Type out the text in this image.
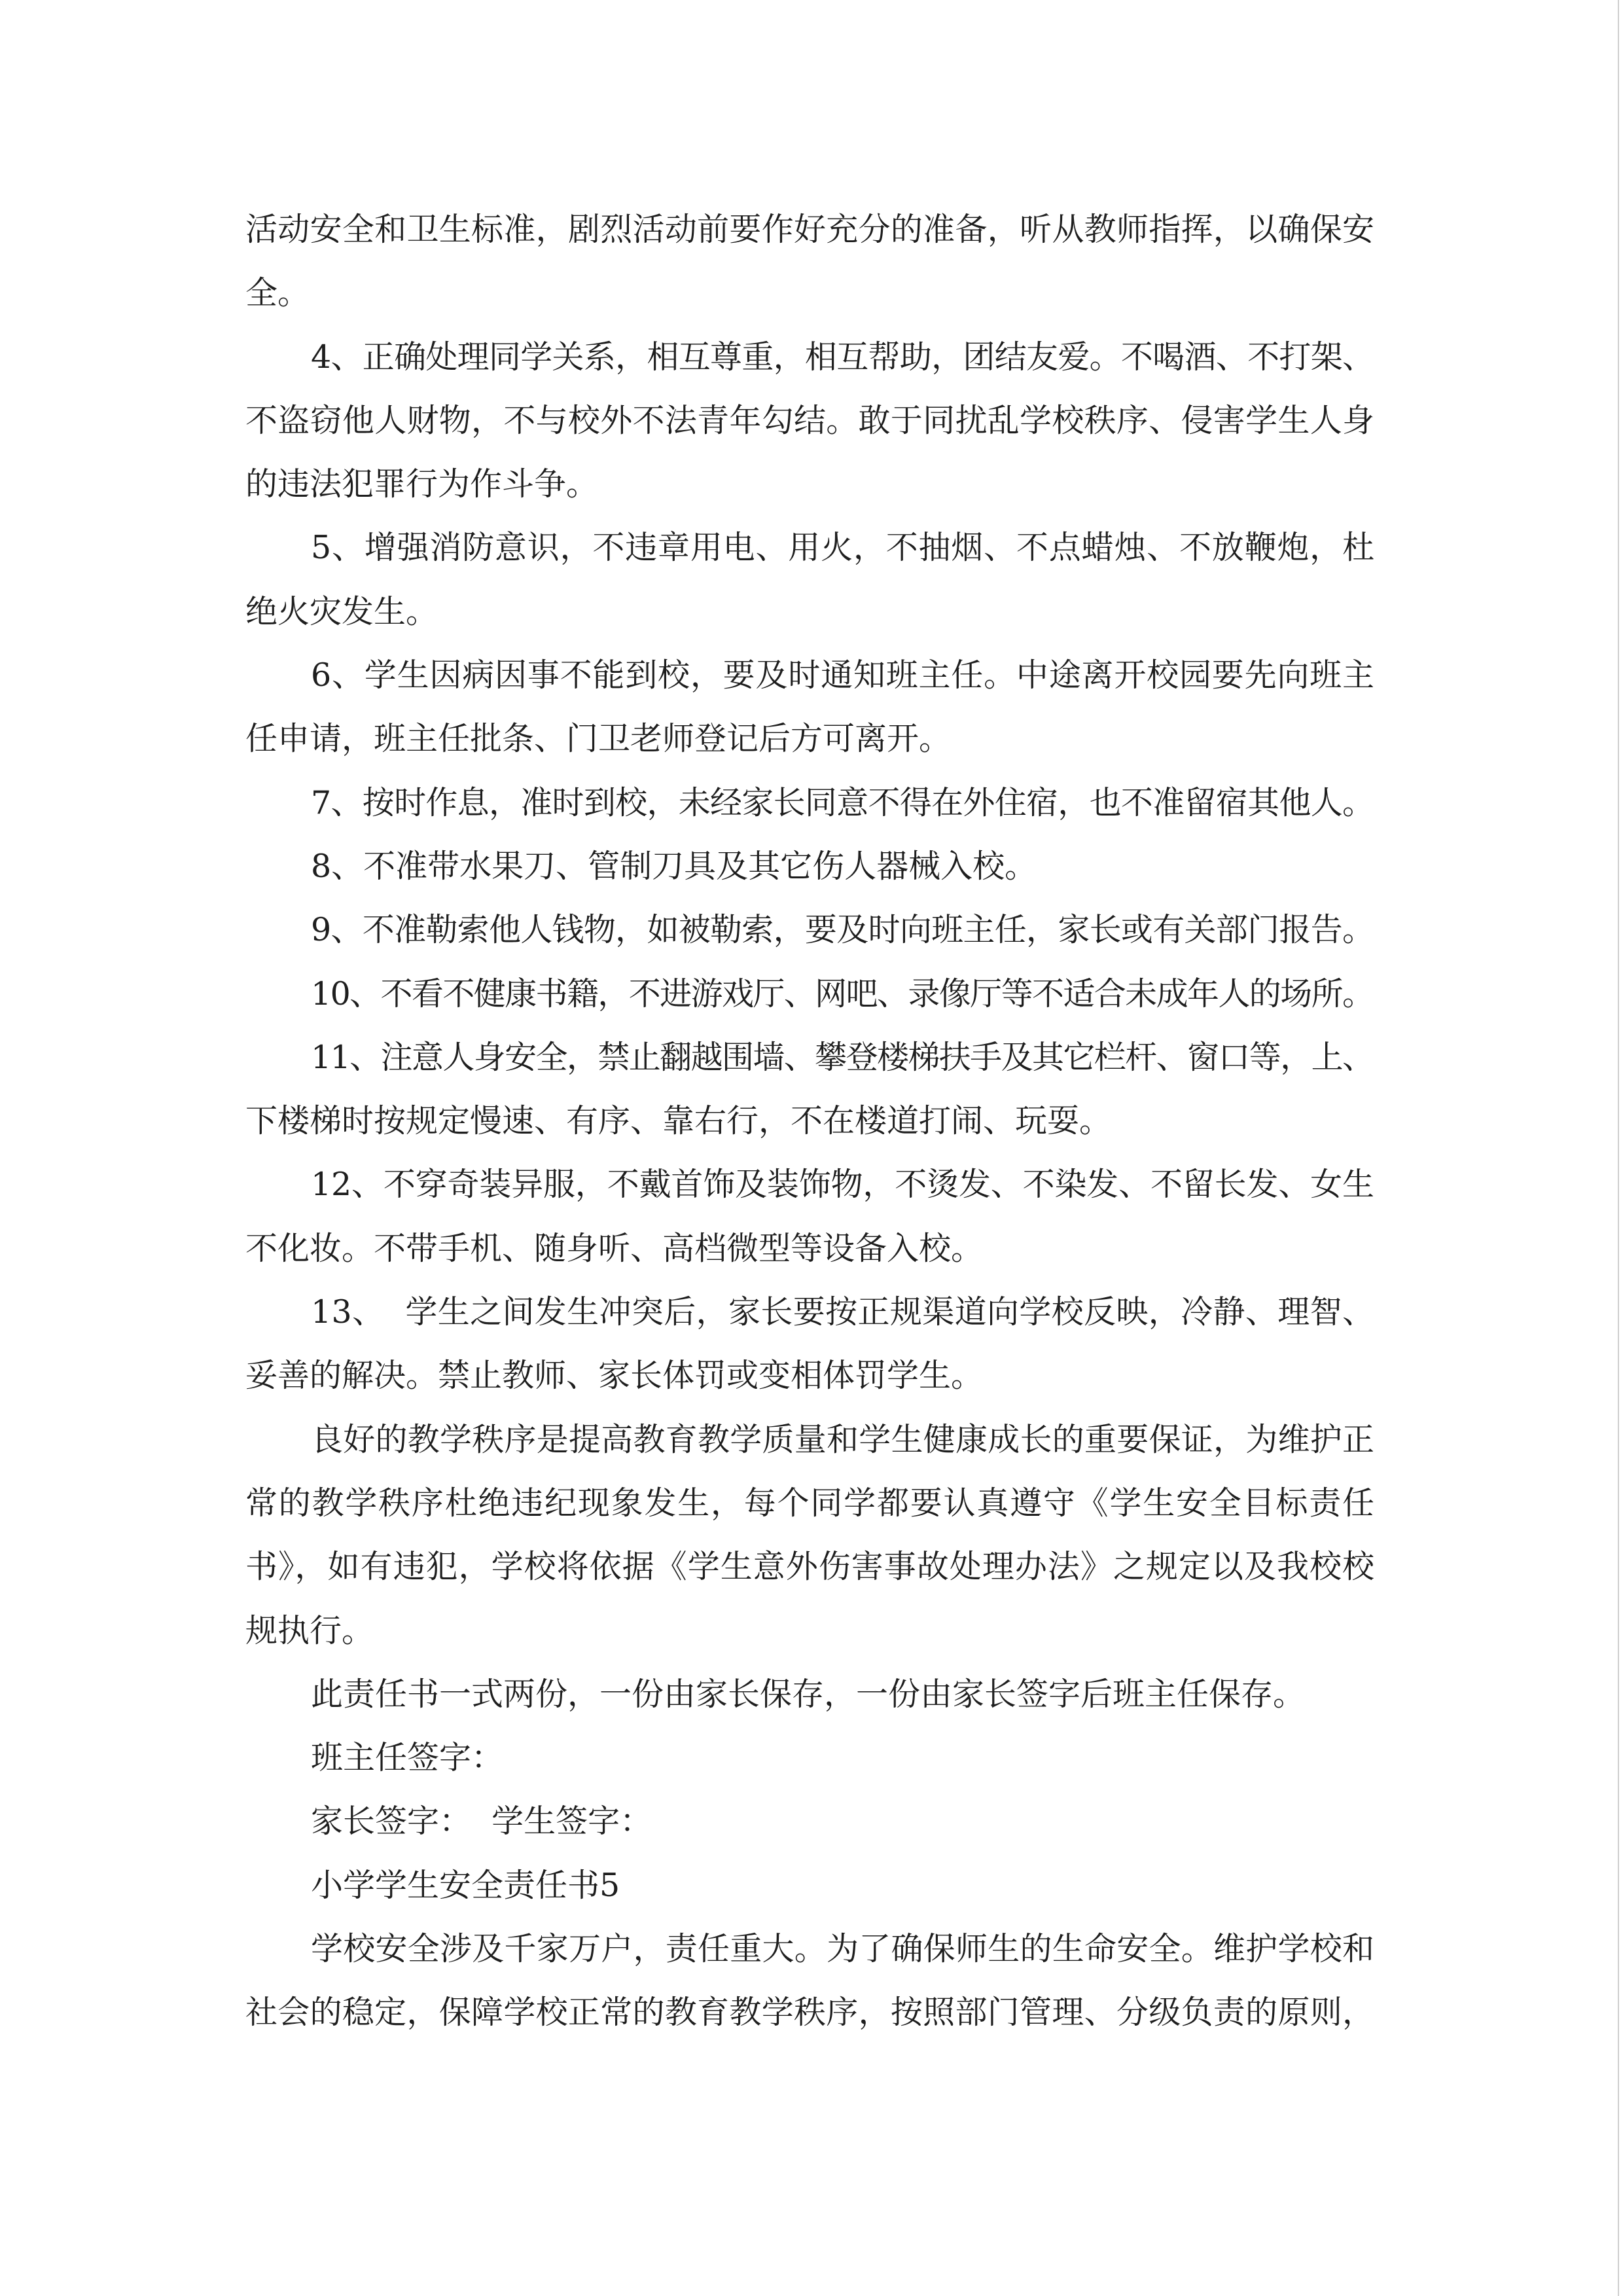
活动安全和卫生标准，剧烈活动前要作好充分的准备，听从教师指挥，以确保安
全。
4、正确处理同学关系，相互尊重，相互帮助，团结友爱。不喝酒、不打架、
不盗窃他人财物，不与校外不法青年勾结。敢于同扰乱学校秩序、侵害学生人身
的违法犯罪行为作斗争。
5、增强消防意识，不违章用电、用火，不抽烟、不点蜡烛、不放鞭炮，杜
绝火灾发生。
6、学生因病因事不能到校，要及时通知班主任。中途离开校园要先向班主
任申请，班主任批条、门卫老师登记后方可离开。
7、按时作息，准时到校，未经家长同意不得在外住宿，也不准留宿其他人。
8、不准带水果刀、管制刀具及其它伤人器械入校。
9、不准勒索他人钱物，如被勒索，要及时向班主任，家长或有关部门报告。
10、不看不健康书籍，不进游戏厅、网吧、录像厅等不适合未成年人的场所。
11、注意人身安全，禁止翻越围墙、攀登楼梯扶手及其它栏杆、窗口等，上、
下楼梯时按规定慢速、有序、靠右行，不在楼道打闹、玩耍。
12、不穿奇装异服，不戴首饰及装饰物，不烫发、不染发、不留长发、女生
不化妆。不带手机、随身听、高档微型等设备入校。
13、  学生之间发生冲突后，家长要按正规渠道向学校反映，冷静、理智、
妥善的解决。禁止教师、家长体罚或变相体罚学生。
良好的教学秩序是提高教育教学质量和学生健康成长的重要保证，为维护正
常的教学秩序杜绝违纪现象发生，每个同学都要认真遵守《学生安全目标责任
书》，如有违犯，学校将依据《学生意外伤害事故处理办法》之规定以及我校校
规执行。
此责任书一式两份，一份由家长保存，一份由家长签字后班主任保存。
班主任签字：
家长签字：  学生签字：
小学学生安全责任书5
学校安全涉及千家万户，责任重大。为了确保师生的生命安全。维护学校和
社会的稳定，保障学校正常的教育教学秩序，按照部门管理、分级负责的原则，
